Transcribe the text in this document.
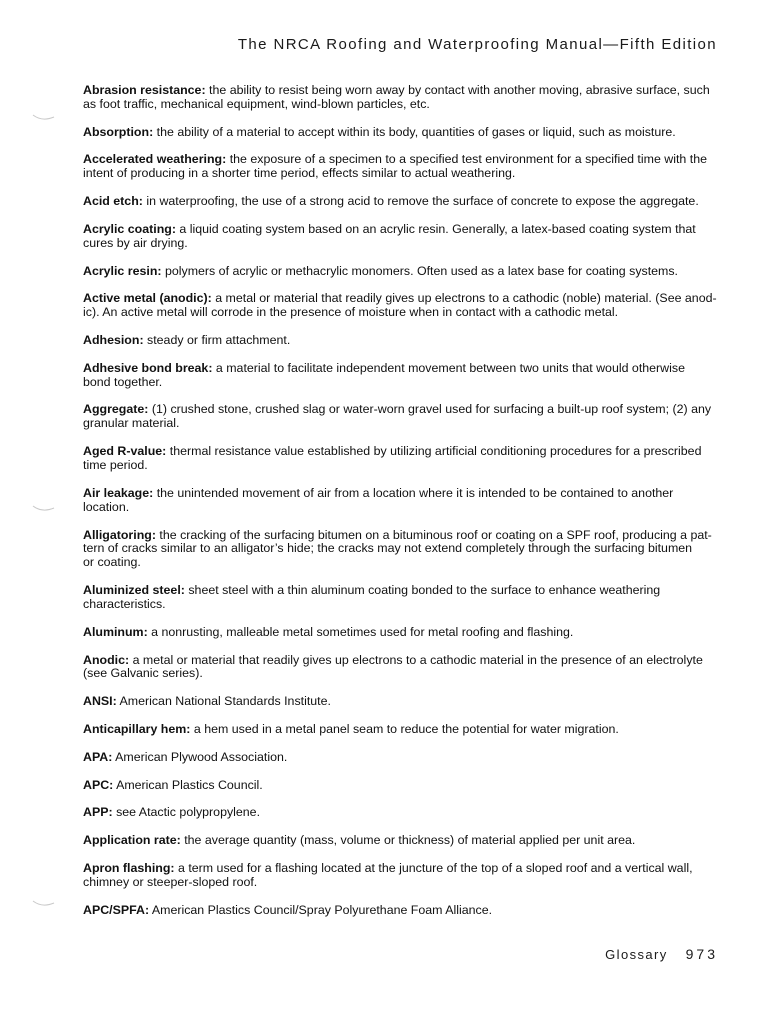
The NRCA Roofing and Waterproofing Manual—Fifth Edition
Abrasion resistance: the ability to resist being worn away by contact with another moving, abrasive surface, such
as foot traffic, mechanical equipment, wind-blown particles, etc.
Absorption: the ability of a material to accept within its body, quantities of gases or liquid, such as moisture.
Accelerated weathering: the exposure of a specimen to a specified test environment for a specified time with the
intent of producing in a shorter time period, effects similar to actual weathering.
Acid etch: in waterproofing, the use of a strong acid to remove the surface of concrete to expose the aggregate.
Acrylic coating: a liquid coating system based on an acrylic resin. Generally, a latex-based coating system that
cures by air drying.
Acrylic resin: polymers of acrylic or methacrylic monomers. Often used as a latex base for coating systems.
Active metal (anodic): a metal or material that readily gives up electrons to a cathodic (noble) material. (See anod-
ic). An active metal will corrode in the presence of moisture when in contact with a cathodic metal.
Adhesion: steady or firm attachment.
Adhesive bond break: a material to facilitate independent movement between two units that would otherwise
bond together.
Aggregate: (1) crushed stone, crushed slag or water-worn gravel used for surfacing a built-up roof system; (2) any
granular material.
Aged R-value: thermal resistance value established by utilizing artificial conditioning procedures for a prescribed
time period.
Air leakage: the unintended movement of air from a location where it is intended to be contained to another
location.
Alligatoring: the cracking of the surfacing bitumen on a bituminous roof or coating on a SPF roof, producing a pat-
tern of cracks similar to an alligator’s hide; the cracks may not extend completely through the surfacing bitumen
or coating.
Aluminized steel: sheet steel with a thin aluminum coating bonded to the surface to enhance weathering
characteristics.
Aluminum: a nonrusting, malleable metal sometimes used for metal roofing and flashing.
Anodic: a metal or material that readily gives up electrons to a cathodic material in the presence of an electrolyte
(see Galvanic series).
ANSI: American National Standards Institute.
Anticapillary hem: a hem used in a metal panel seam to reduce the potential for water migration.
APA: American Plywood Association.
APC: American Plastics Council.
APP: see Atactic polypropylene.
Application rate: the average quantity (mass, volume or thickness) of material applied per unit area.
Apron flashing: a term used for a flashing located at the juncture of the top of a sloped roof and a vertical wall,
chimney or steeper-sloped roof.
APC/SPFA: American Plastics Council/Spray Polyurethane Foam Alliance.
Glossary 973
